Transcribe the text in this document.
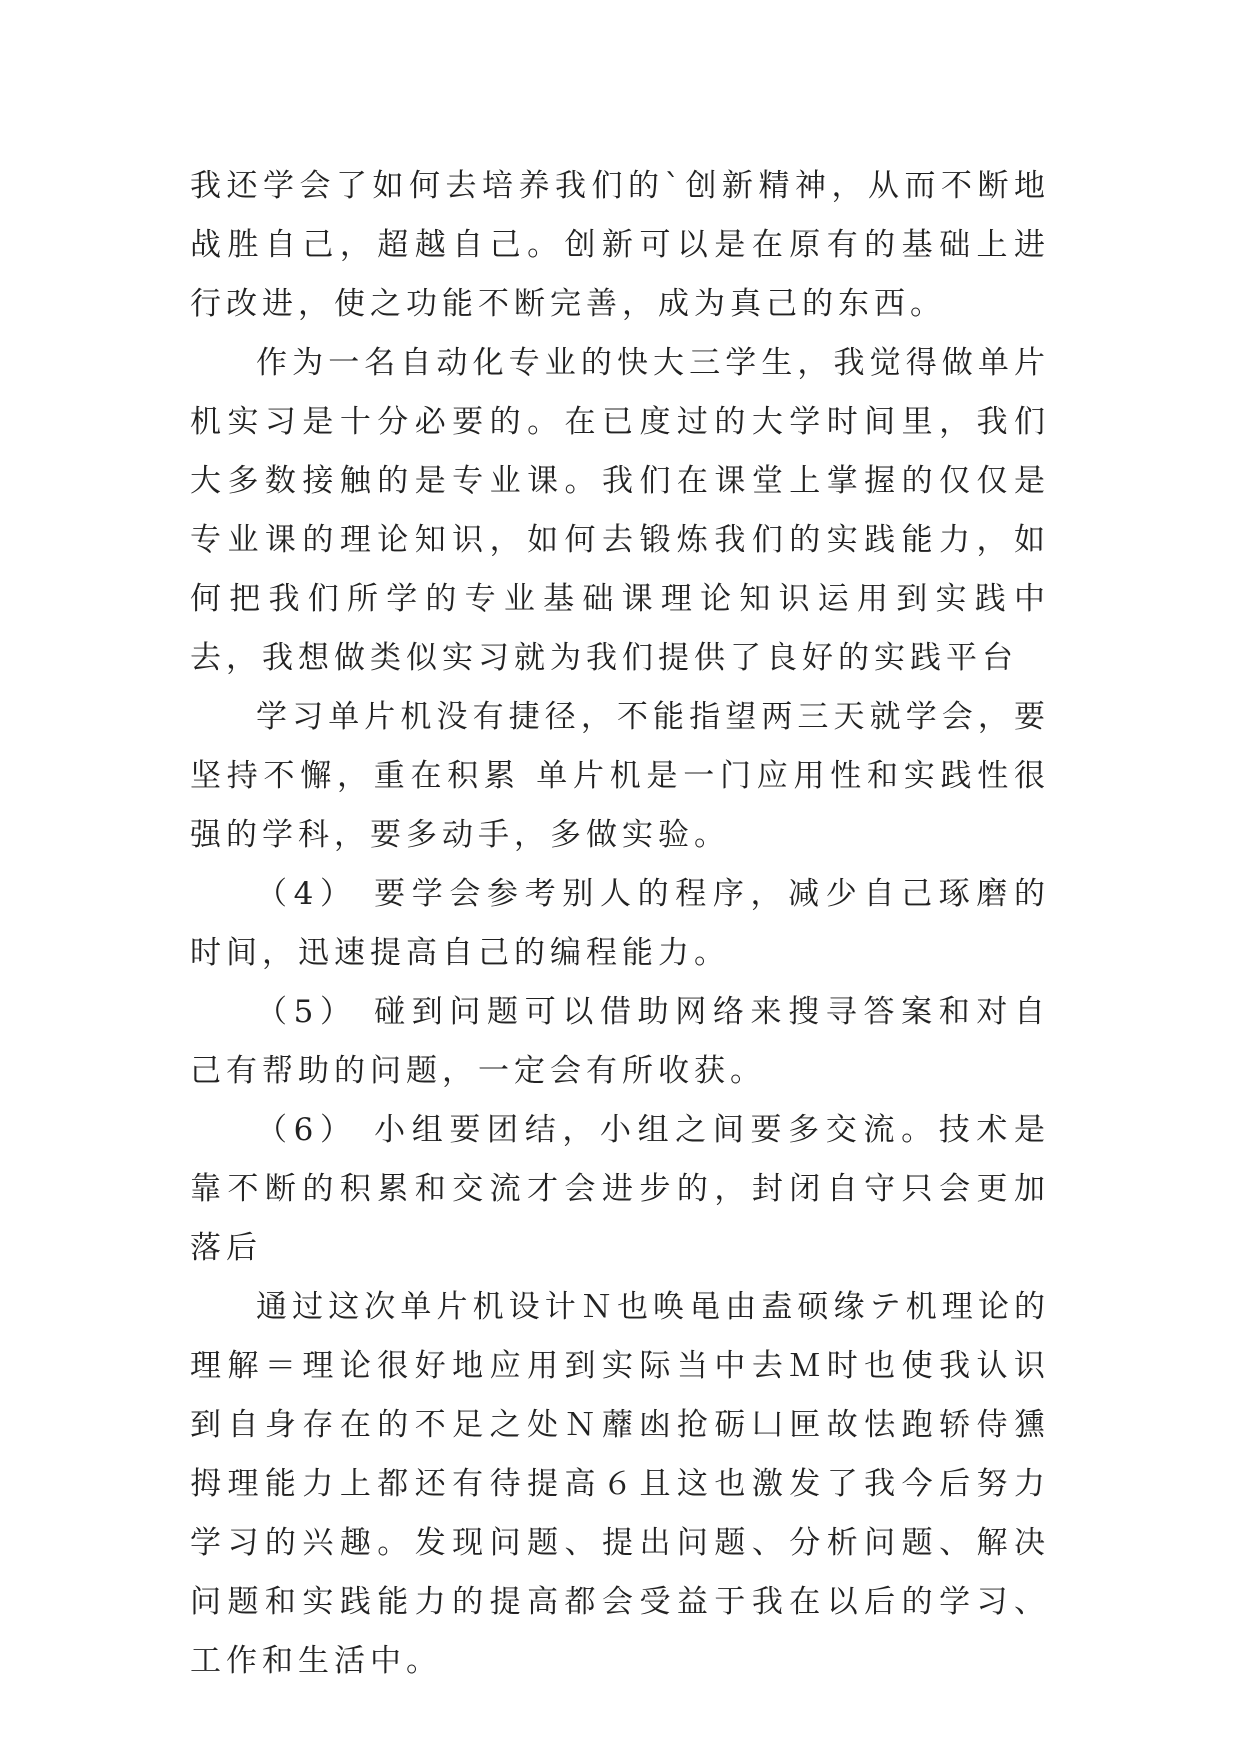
我还学会了如何去培养我们的`创新精神，从而不断地战胜自己，超越自己。创新可以是在原有的基础上进行改进，使之功能不断完善，成为真己的东西。

作为一名自动化专业的快大三学生，我觉得做单片机实习是十分必要的。在已度过的大学时间里，我们大多数接触的是专业课。我们在课堂上掌握的仅仅是专业课的理论知识，如何去锻炼我们的实践能力，如何把我们所学的专业基础课理论知识运用到实践中去，我想做类似实习就为我们提供了良好的实践平台

学习单片机没有捷径，不能指望两三天就学会，要坚持不懈，重在积累 单片机是一门应用性和实践性很强的学科，要多动手，多做实验。

（4） 要学会参考别人的程序，减少自己琢磨的时间，迅速提高自己的编程能力。

（5） 碰到问题可以借助网络来搜寻答案和对自己有帮助的问题，一定会有所收获。

（6） 小组要团结，小组之间要多交流。技术是靠不断的积累和交流才会进步的，封闭自守只会更加落后

通过这次单片机设计Ｎ也唤黾由盍硕缘テ机理论的理解＝理论很好地应用到实际当中去Ｍ时也使我认识到自身存在的不足之处Ｎ蘼凼抢砺凵匣故怯跑轿侍獯拇理能力上都还有待提高６且这也激发了我今后努力学习的兴趣。发现问题、提出问题、分析问题、解决问题和实践能力的提高都会受益于我在以后的学习、工作和生活中。
